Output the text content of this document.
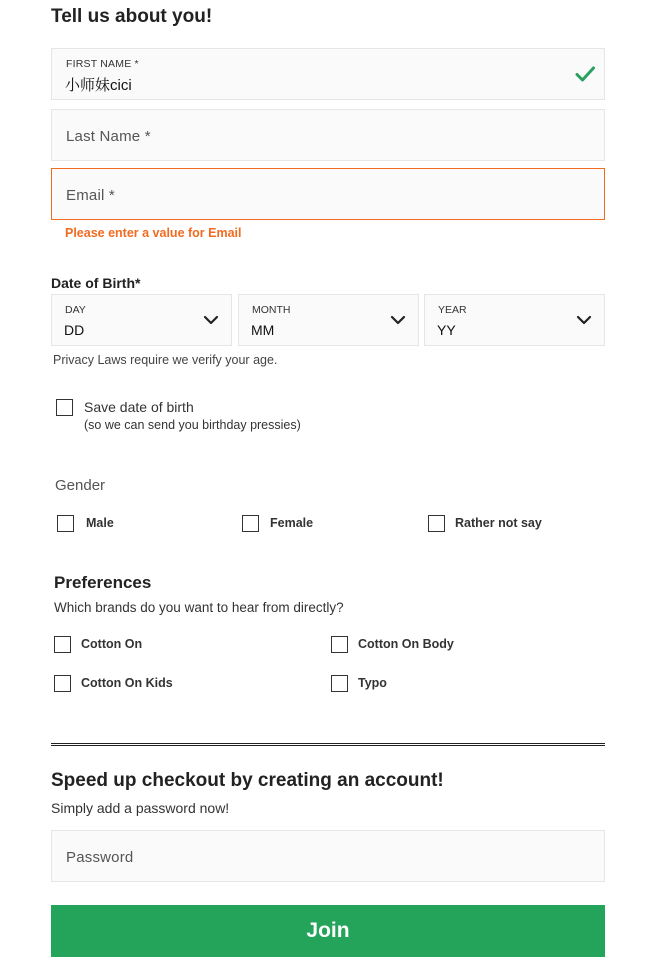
Tell us about you!
FIRST NAME *
小师妹cici
Last Name *
Email *
Please enter a value for Email
Date of Birth*
DAY
DD
MONTH
MM
YEAR
YY
Privacy Laws require we verify your age.
Save date of birth
(so we can send you birthday pressies)
Gender
Male	Female	Rather not say
Preferences
Which brands do you want to hear from directly?
Cotton On	Cotton On Body
Cotton On Kids	Typo
Speed up checkout by creating an account!
Simply add a password now!
Password
Join
